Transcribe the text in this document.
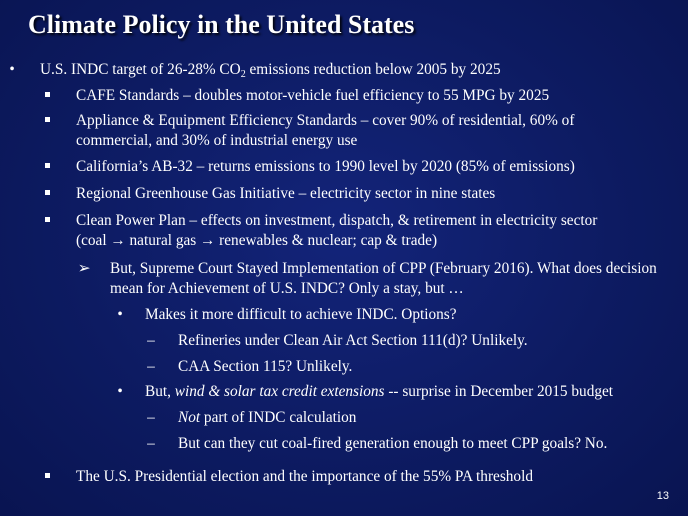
Climate Policy in the United States
•	U.S. INDC target of 26-28% $CO_2$ emissions reduction below 2005 by 2025
CAFE Standards – doubles motor-vehicle fuel efficiency to 55 MPG by 2025
Appliance & Equipment Efficiency Standards – cover 90% of residential, 60% of commercial, and 30% of industrial energy use
California’s AB-32 – returns emissions to 1990 level by 2020 (85% of emissions)
Regional Greenhouse Gas Initiative – electricity sector in nine states
Clean Power Plan – effects on investment, dispatch, & retirement in electricity sector
(coal → natural gas → renewables & nuclear; cap & trade)
➢ But, Supreme Court Stayed Implementation of CPP (February 2016). What does decision mean for Achievement of U.S. INDC? Only a stay, but …
•	Makes it more difficult to achieve INDC. Options?
–	Refineries under Clean Air Act Section 111(d)? Unlikely.
–	CAA Section 115? Unlikely.
•	But, wind & solar tax credit extensions -- surprise in December 2015 budget
–	Not part of INDC calculation
–	But can they cut coal-fired generation enough to meet CPP goals? No.
The U.S. Presidential election and the importance of the 55% PA threshold
13
